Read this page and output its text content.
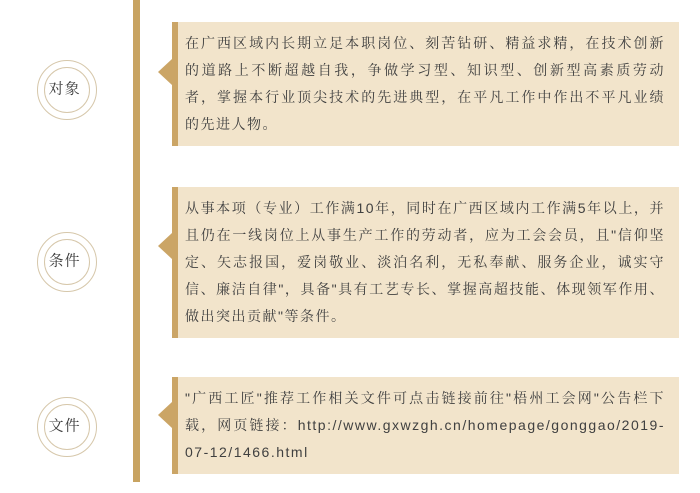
对象

在广西区域内长期立足本职岗位、刻苦钻研、精益求精，在技术创新的道路上不断超越自我，争做学习型、知识型、创新型高素质劳动者，掌握本行业顶尖技术的先进典型，在平凡工作中作出不平凡业绩的先进人物。

条件

从事本项（专业）工作满10年，同时在广西区域内工作满5年以上，并且仍在一线岗位上从事生产工作的劳动者，应为工会会员，且"信仰坚定、矢志报国，爱岗敬业、淡泊名利，无私奉献、服务企业，诚实守信、廉洁自律"，具备"具有工艺专长、掌握高超技能、体现领军作用、做出突出贡献"等条件。

文件

"广西工匠"推荐工作相关文件可点击链接前往"梧州工会网"公告栏下载，网页链接：http://www.gxwzgh.cn/homepage/gonggao/2019-07-12/1466.html
